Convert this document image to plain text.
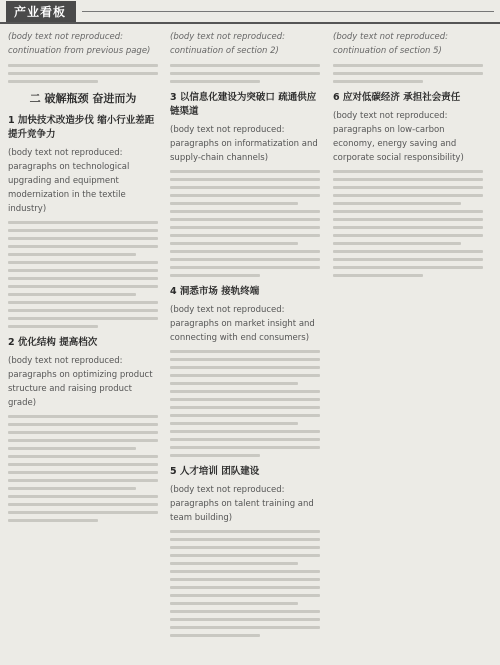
产业看板
(body text not reproduced: continuation from previous page)
二 破解瓶颈 奋进而为
1 加快技术改造步伐 缩小行业差距 提升竞争力
(body text not reproduced: paragraphs on technological upgrading and equipment modernization in the textile industry)
2 优化结构 提高档次
(body text not reproduced: paragraphs on optimizing product structure and raising product grade)
(body text not reproduced: continuation of section 2)
3 以信息化建设为突破口 疏通供应链渠道
(body text not reproduced: paragraphs on informatization and supply-chain channels)
4 洞悉市场 接轨终端
(body text not reproduced: paragraphs on market insight and connecting with end consumers)
5 人才培训 团队建设
(body text not reproduced: paragraphs on talent training and team building)
(body text not reproduced: continuation of section 5)
6 应对低碳经济 承担社会责任
(body text not reproduced: paragraphs on low-carbon economy, energy saving and corporate social responsibility)
